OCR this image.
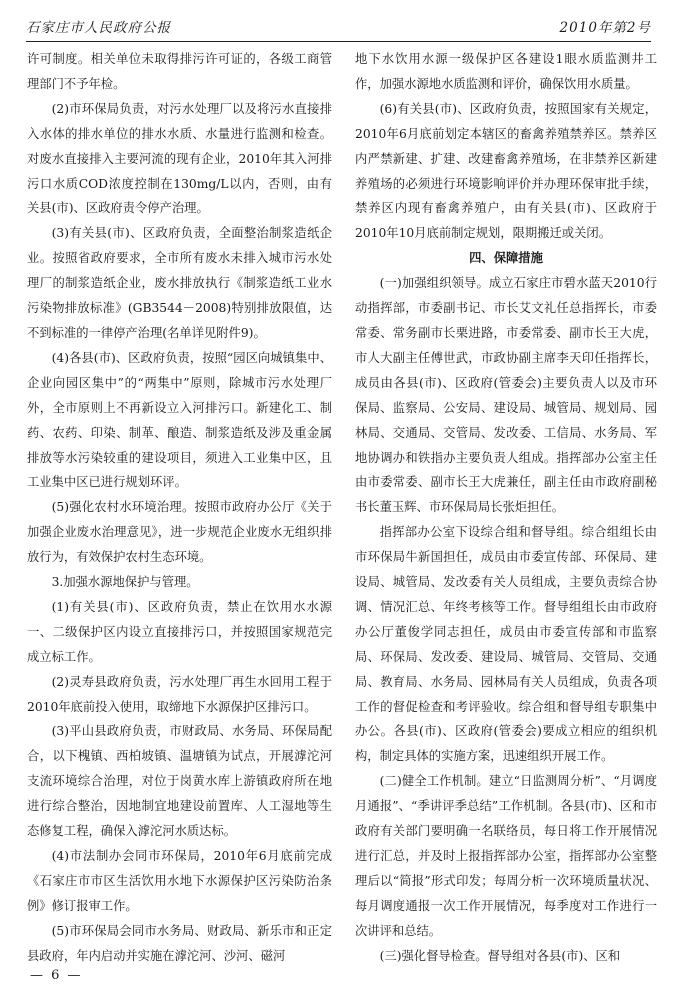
石家庄市人民政府公报	2010年第2号

许可制度。相关单位未取得排污许可证的，各级工商管理部门不予年检。

(2)市环保局负责，对污水处理厂以及将污水直接排入水体的排水单位的排水水质、水量进行监测和检查。对废水直接排入主要河流的现有企业，2010年其入河排污口水质COD浓度控制在130mg/L以内，否则，由有关县(市)、区政府责令停产治理。

(3)有关县(市)、区政府负责，全面整治制浆造纸企业。按照省政府要求，全市所有废水未排入城市污水处理厂的制浆造纸企业，废水排放执行《制浆造纸工业水污染物排放标准》(GB3544－2008)特别排放限值，达不到标准的一律停产治理(名单详见附件9)。

(4)各县(市)、区政府负责，按照“园区向城镇集中、企业向园区集中”的“两集中”原则，除城市污水处理厂外，全市原则上不再新设立入河排污口。新建化工、制药、农药、印染、制革、酿造、制浆造纸及涉及重金属排放等水污染较重的建设项目，须进入工业集中区，且工业集中区已进行规划环评。

(5)强化农村水环境治理。按照市政府办公厅《关于加强企业废水治理意见》，进一步规范企业废水无组织排放行为，有效保护农村生态环境。

3.加强水源地保护与管理。

(1)有关县(市)、区政府负责，禁止在饮用水水源一、二级保护区内设立直接排污口，并按照国家规范完成立标工作。

(2)灵寿县政府负责，污水处理厂再生水回用工程于2010年底前投入使用，取缔地下水源保护区排污口。

(3)平山县政府负责，市财政局、水务局、环保局配合，以下槐镇、西柏坡镇、温塘镇为试点，开展滹沱河支流环境综合治理，对位于岗黄水库上游镇政府所在地进行综合整治，因地制宜地建设前置库、人工湿地等生态修复工程，确保入滹沱河水质达标。

(4)市法制办会同市环保局，2010年6月底前完成《石家庄市市区生活饮用水地下水源保护区污染防治条例》修订报审工作。

(5)市环保局会同市水务局、财政局、新乐市和正定县政府，年内启动并实施在滹沱河、沙河、磁河

地下水饮用水源一级保护区各建设1眼水质监测井工作，加强水源地水质监测和评价，确保饮用水质量。

(6)有关县(市)、区政府负责，按照国家有关规定，2010年6月底前划定本辖区的畜禽养殖禁养区。禁养区内严禁新建、扩建、改建畜禽养殖场，在非禁养区新建养殖场的必须进行环境影响评价并办理环保审批手续，禁养区内现有畜禽养殖户，由有关县(市)、区政府于2010年10月底前制定规划，限期搬迁或关闭。

四、保障措施

(一)加强组织领导。成立石家庄市碧水蓝天2010行动指挥部，市委副书记、市长艾文礼任总指挥长，市委常委、常务副市长栗进路，市委常委、副市长王大虎，市人大副主任傅世武，市政协副主席李天印任指挥长，成员由各县(市)、区政府(管委会)主要负责人以及市环保局、监察局、公安局、建设局、城管局、规划局、园林局、交通局、交管局、发改委、工信局、水务局、军地协调办和铁指办主要负责人组成。指挥部办公室主任由市委常委、副市长王大虎兼任，副主任由市政府副秘书长董玉辉、市环保局局长张炬担任。

指挥部办公室下设综合组和督导组。综合组组长由市环保局牛新国担任，成员由市委宣传部、环保局、建设局、城管局、发改委有关人员组成，主要负责综合协调、情况汇总、年终考核等工作。督导组组长由市政府办公厅董俊学同志担任，成员由市委宣传部和市监察局、环保局、发改委、建设局、城管局、交管局、交通局、教育局、水务局、园林局有关人员组成，负责各项工作的督促检查和考评验收。综合组和督导组专职集中办公。各县(市)、区政府(管委会)要成立相应的组织机构，制定具体的实施方案，迅速组织开展工作。

(二)健全工作机制。建立“日监测周分析”、“月调度月通报”、“季讲评季总结”工作机制。各县(市)、区和市政府有关部门要明确一名联络员，每日将工作开展情况进行汇总，并及时上报指挥部办公室，指挥部办公室整理后以“简报”形式印发；每周分析一次环境质量状况、每月调度通报一次工作开展情况，每季度对工作进行一次讲评和总结。

(三)强化督导检查。督导组对各县(市)、区和

— 6 —
